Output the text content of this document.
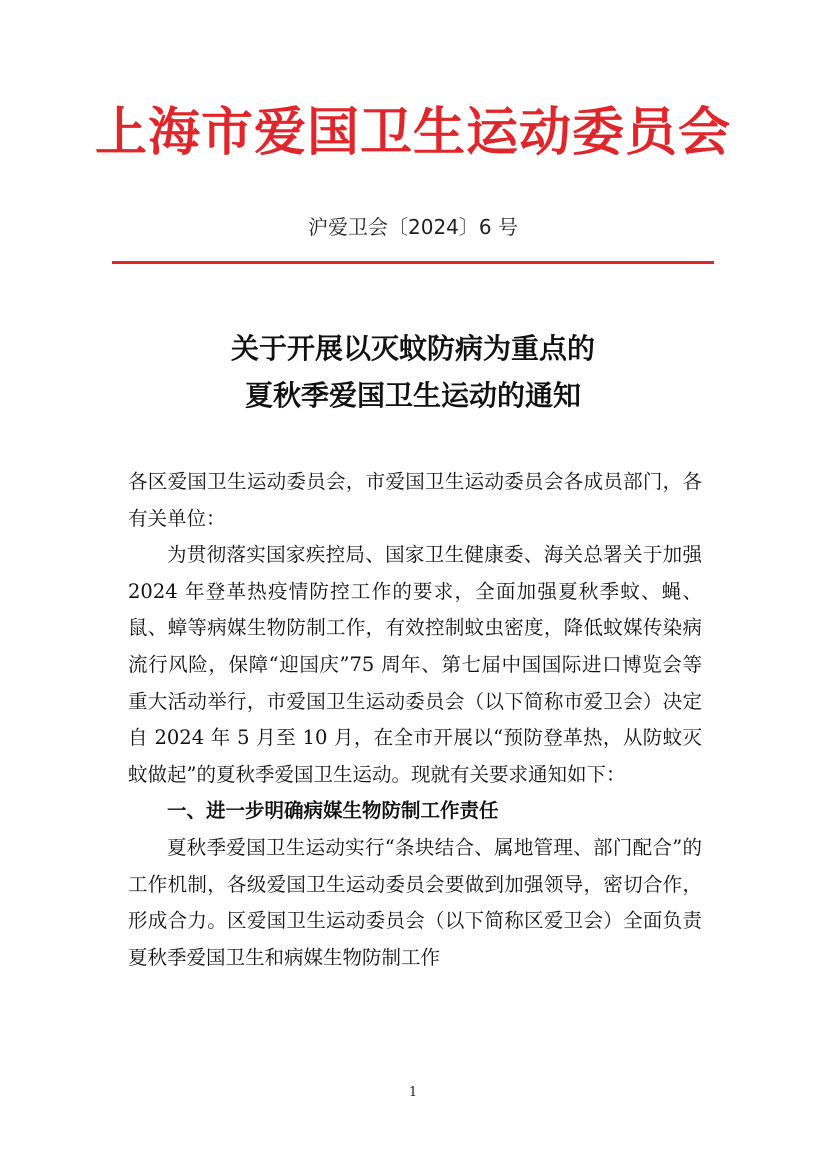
上海市爱国卫生运动委员会
沪爱卫会〔2024〕6 号
关于开展以灭蚊防病为重点的
夏秋季爱国卫生运动的通知

各区爱国卫生运动委员会，市爱国卫生运动委员会各成员部门，各有关单位：

为贯彻落实国家疾控局、国家卫生健康委、海关总署关于加强 2024 年登革热疫情防控工作的要求，全面加强夏秋季蚊、蝇、鼠、蟑等病媒生物防制工作，有效控制蚊虫密度，降低蚊媒传染病流行风险，保障“迎国庆”75 周年、第七届中国国际进口博览会等重大活动举行，市爱国卫生运动委员会（以下简称市爱卫会）决定自 2024 年 5 月至 10 月，在全市开展以“预防登革热，从防蚊灭蚊做起”的夏秋季爱国卫生运动。现就有关要求通知如下：

一、进一步明确病媒生物防制工作责任

夏秋季爱国卫生运动实行“条块结合、属地管理、部门配合”的工作机制，各级爱国卫生运动委员会要做到加强领导，密切合作，形成合力。区爱国卫生运动委员会（以下简称区爱卫会）全面负责夏秋季爱国卫生和病媒生物防制工作

1
